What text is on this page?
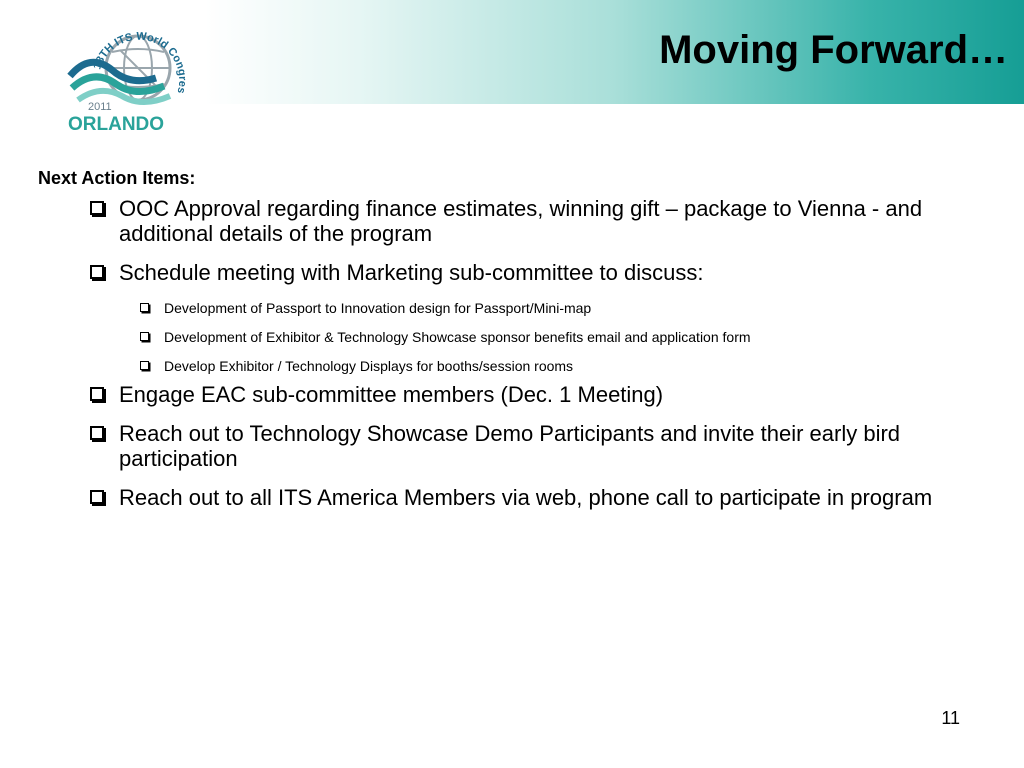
18TH ITS World Congres
2011
ORLANDO
Moving Forward…
Next Action Items:
OOC Approval regarding finance estimates, winning gift – package to Vienna - and additional details of the program
Schedule meeting with Marketing sub-committee to discuss:
Development of Passport to Innovation design for Passport/Mini-map
Development of Exhibitor & Technology Showcase sponsor benefits email and application form
Develop Exhibitor / Technology Displays for booths/session rooms
Engage EAC sub-committee members (Dec. 1 Meeting)
Reach out to Technology Showcase Demo Participants and invite their early bird participation
Reach out to all ITS America Members via web, phone call to participate in program
11
